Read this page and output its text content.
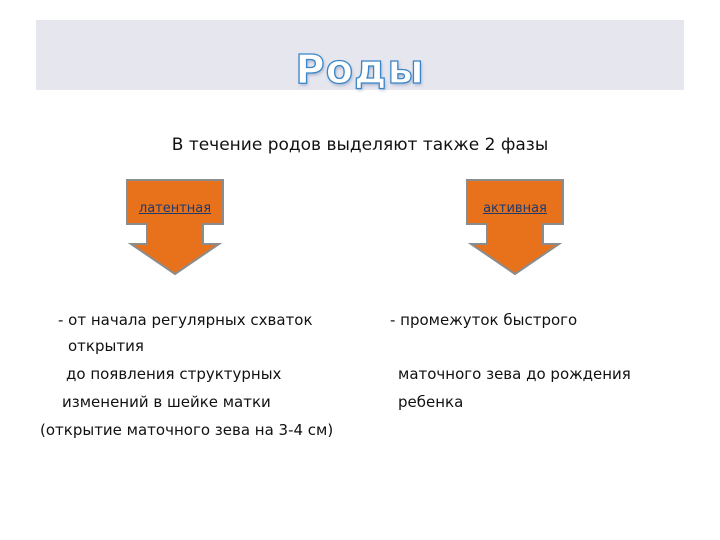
Роды
В течение родов выделяют также 2 фазы
латентная	активная
- от начала регулярных схваток
открытия
до появления структурных
изменений в шейке матки
(открытие маточного зева на 3-4 см)
- промежуток быстрого
маточного зева до рождения
ребенка
